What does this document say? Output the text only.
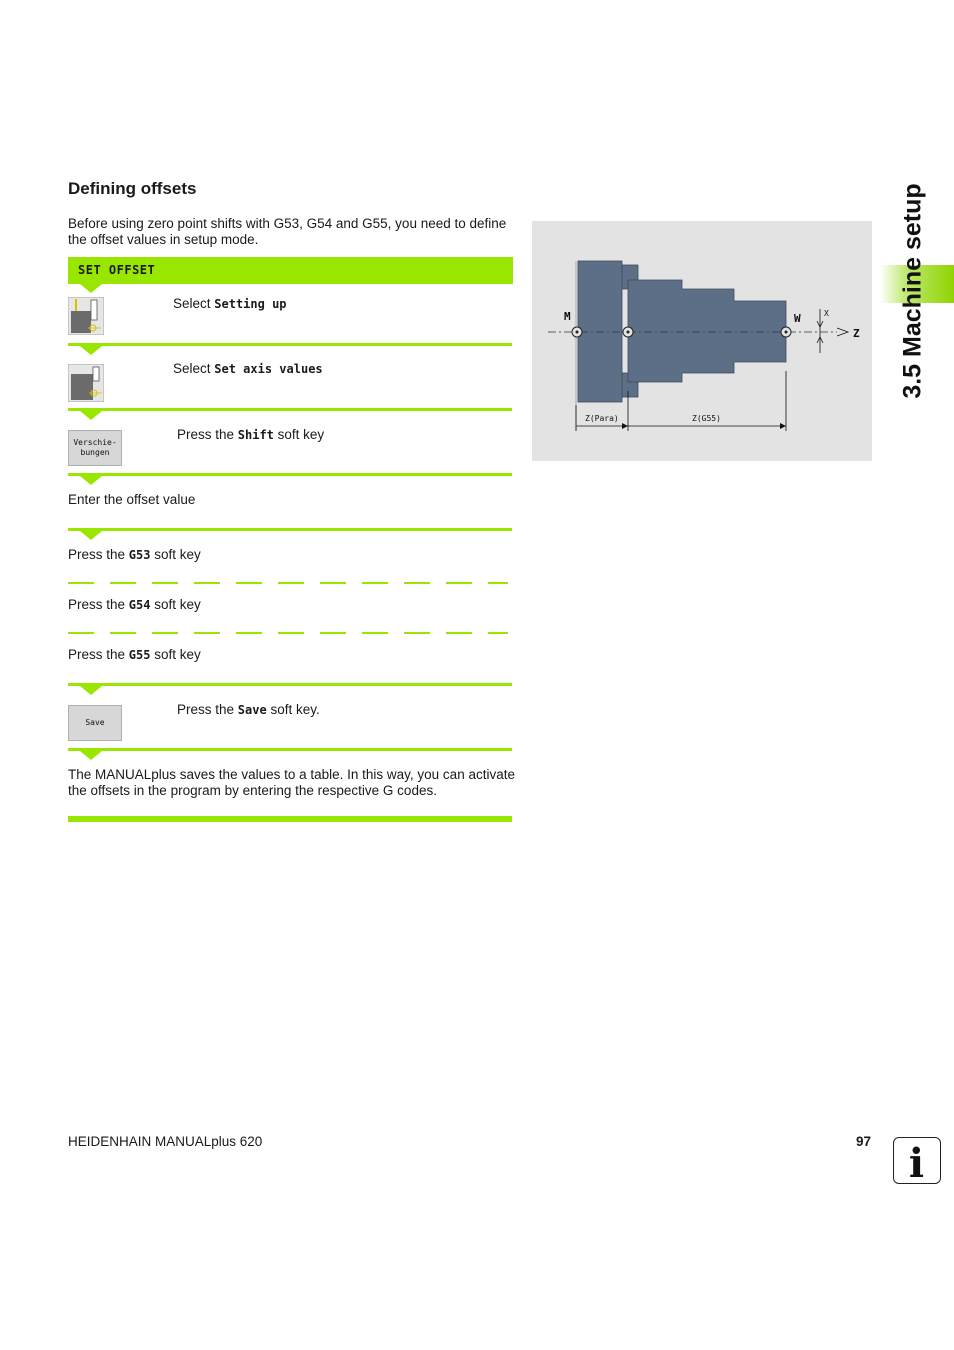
Defining offsets
Before using zero point shifts with G53, G54 and G55, you need to define the offset values in setup mode.
SET OFFSET
Select Setting up
Select Set axis values
Verschie-
bungen
Press the Shift soft key
Enter the offset value
Press the G53 soft key
Press the G54 soft key
Press the G55 soft key
Save
Press the Save soft key.
The MANUALplus saves the values to a table. In this way, you can activate the offsets in the program by entering the respective G codes.
M	W	X
Z
Z(Para)	Z(G55)
3.5 Machine setup
HEIDENHAIN MANUALplus 620	97 i
